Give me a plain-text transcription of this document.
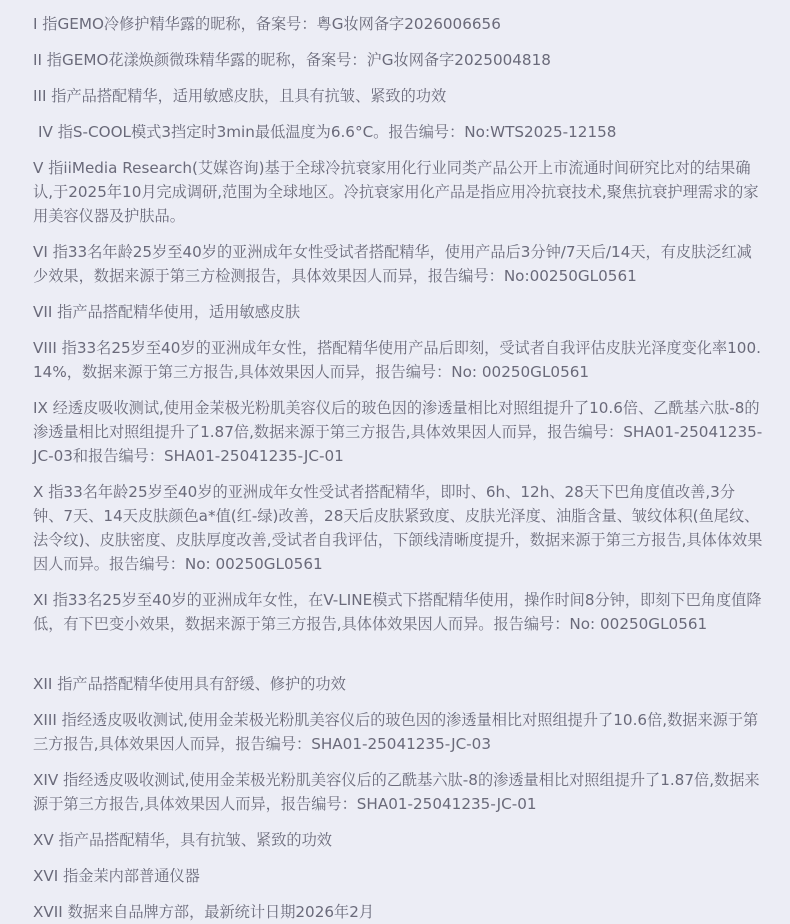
I 指GEMO冷修护精华露的昵称，备案号：粤G妆网备字2026006656

II 指GEMO花漾焕颜微珠精华露的昵称，备案号：沪G妆网备字2025004818

III 指产品搭配精华，适用敏感皮肤，且具有抗皱、紧致的功效

IV 指S-COOL模式3挡定时3min最低温度为6.6°C。报告编号：No:WTS2025-12158

V 指iiMedia Research(艾媒咨询)基于全球冷抗衰家用化行业同类产品公开上市流通时间研究比对的结果确认,于2025年10月完成调研,范围为全球地区。冷抗衰家用化产品是指应用冷抗衰技术,聚焦抗衰护理需求的家用美容仪器及护肤品。

VI 指33名年龄25岁至40岁的亚洲成年女性受试者搭配精华，使用产品后3分钟/7天后/14天，有皮肤泛红减少效果，数据来源于第三方检测报告，具体效果因人而异，报告编号：No:00250GL0561

VII 指产品搭配精华使用，适用敏感皮肤

VIII 指33名25岁至40岁的亚洲成年女性，搭配精华使用产品后即刻，受试者自我评估皮肤光泽度变化率100.14%，数据来源于第三方报告,具体效果因人而异，报告编号：No: 00250GL0561

IX 经透皮吸收测试,使用金茉极光粉肌美容仪后的玻色因的渗透量相比对照组提升了10.6倍、乙酰基六肽-8的渗透量相比对照组提升了1.87倍,数据来源于第三方报告,具体效果因人而异，报告编号：SHA01-25041235-JC-03和报告编号：SHA01-25041235-JC-01

X 指33名年龄25岁至40岁的亚洲成年女性受试者搭配精华，即时、6h、12h、28天下巴角度值改善,3分钟、7天、14天皮肤颜色a*值(红-绿)改善，28天后皮肤紧致度、皮肤光泽度、油脂含量、皱纹体积(鱼尾纹、法令纹)、皮肤密度、皮肤厚度改善,受试者自我评估，下颌线清晰度提升，数据来源于第三方报告,具体体效果因人而异。报告编号：No: 00250GL0561

XI 指33名25岁至40岁的亚洲成年女性，在V-LINE模式下搭配精华使用，操作时间8分钟，即刻下巴角度值降低，有下巴变小效果，数据来源于第三方报告,具体体效果因人而异。报告编号：No: 00250GL0561

XII 指产品搭配精华使用具有舒缓、修护的功效

XIII 指经透皮吸收测试,使用金茉极光粉肌美容仪后的玻色因的渗透量相比对照组提升了10.6倍,数据来源于第三方报告,具体效果因人而异，报告编号：SHA01-25041235-JC-03

XIV 指经透皮吸收测试,使用金茉极光粉肌美容仪后的乙酰基六肽-8的渗透量相比对照组提升了1.87倍,数据来源于第三方报告,具体效果因人而异，报告编号：SHA01-25041235-JC-01

XV 指产品搭配精华，具有抗皱、紧致的功效

XVI 指金茉内部普通仪器

XVII 数据来自品牌方部，最新统计日期2026年2月
